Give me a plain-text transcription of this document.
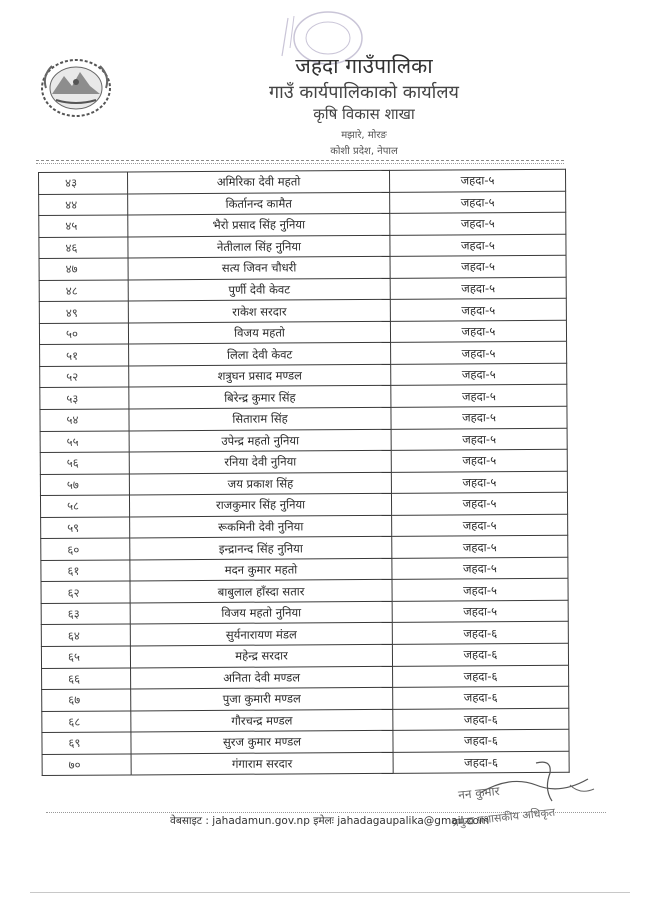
जहदा गाउँपालिका
गाउँ कार्यपालिकाको कार्यालय
कृषि विकास शाखा
मझारे, मोरङ
कोशी प्रदेश, नेपाल
४३	अमिरिका देवी महतो	जहदा-५
४४	किर्तानन्द कामैत	जहदा-५
४५	भैरो प्रसाद सिंह नुनिया	जहदा-५
४६	नेतीलाल सिंह नुनिया	जहदा-५
४७	सत्य जिवन चौधरी	जहदा-५
४८	पुर्णी देवी केवट	जहदा-५
४९	राकेश सरदार	जहदा-५
५०	विजय महतो	जहदा-५
५१	लिला देवी केवट	जहदा-५
५२	शत्रुघन प्रसाद मण्डल	जहदा-५
५३	बिरेन्द्र कुमार सिंह	जहदा-५
५४	सिताराम सिंह	जहदा-५
५५	उपेन्द्र महतो नुनिया	जहदा-५
५६	रनिया देवी नुनिया	जहदा-५
५७	जय प्रकाश सिंह	जहदा-५
५८	राजकुमार सिंह नुनिया	जहदा-५
५९	रूकमिनी देवी नुनिया	जहदा-५
६०	इन्द्रानन्द सिंह नुनिया	जहदा-५
६१	मदन कुमार महतो	जहदा-५
६२	बाबुलाल हाँस्दा सतार	जहदा-५
६३	विजय महतो नुनिया	जहदा-५
६४	सुर्यनारायण मंडल	जहदा-६
६५	महेन्द्र सरदार	जहदा-६
६६	अनिता देवी मण्डल	जहदा-६
६७	पुजा कुमारी मण्डल	जहदा-६
६८	गौरचन्द्र मण्डल	जहदा-६
६९	सुरज कुमार मण्डल	जहदा-६
७०	गंगाराम सरदार	जहदा-६
नन कुमार
प्रमुख प्रशासकीय अधिकृत
वेबसाइट : jahadamun.gov.np इमेलः jahadagaupalika@gmail.com
